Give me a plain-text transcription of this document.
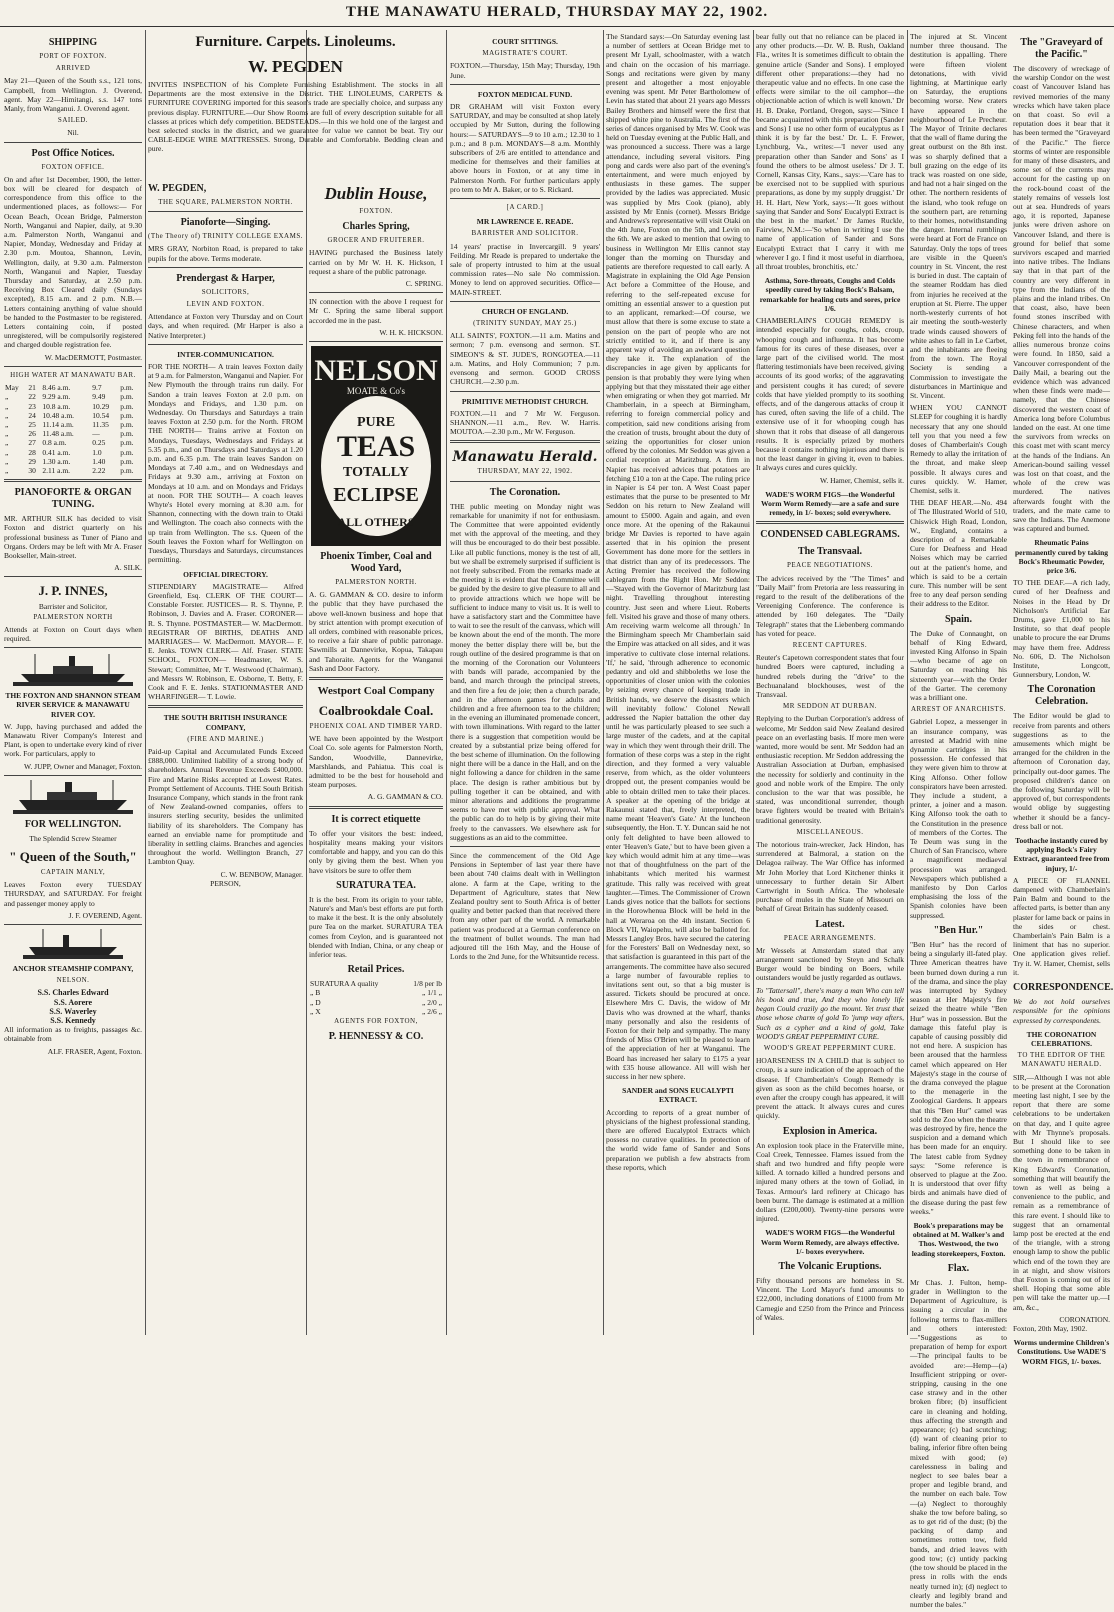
THE MANAWATU HERALD, THURSDAY MAY 22, 1902.
SHIPPING
PORT OF FOXTON.
ARRIVED

May 21—Queen of the South s.s., 121 tons, Campbell, from Wellington. J. Overend, agent. May 22—Himitangi, s.s. 147 tons Manly, from Wanganui. J. Overend agent.

SAILED.
Nil.
Post Office Notices.
FOXTON OFFICE.

On and after 1st December, 1900, the letter-box will be cleared for despatch of correspondence from this office to the undermentioned places, as follows:— For Ocean Beach, Ocean Bridge, Palmerston North, Wanganui and Napier, daily, at 9.30 a.m. Palmerston North, Wanganui and Napier, Monday, Wednesday and Friday at 2.30 p.m. Moutoa, Shannon, Levin, Wellington, daily, at 9.30 a.m. Palmerston North, Wanganui and Napier, Tuesday Thursday and Saturday, at 2.50 p.m. Receiving Box Cleared daily (Sundays excepted), 8.15 a.m. and 2 p.m. N.B.—Letters containing anything of value should be handed to the Postmaster to be registered. Letters containing coin, if posted unregistered, will be compulsorily registered and charged double registration fee.

W. MacDERMOTT, Postmaster.
HIGH WATER AT MANAWATU BAR.
May	21	8.46 a.m.	9.7	p.m.
„	22	9.29 a.m.	9.49	p.m.
„	23	10.8 a.m.	10.29	p.m.
„	24	10.48 a.m.	10.54	p.m.
„	25	11.14 a.m.	11.35	p.m.
„	26	11.48 a.m.	—	p.m.
„	27	0.8 a.m.	0.25	p.m.
„	28	0.41 a.m.	1.0	p.m.
„	29	1.30 a.m.	1.40	p.m.
„	30	2.11 a.m.	2.22	p.m.
PIANOFORTE & ORGAN TUNING.

MR. ARTHUR SILK has decided to visit Foxton and district quarterly on his professional business as Tuner of Piano and Organs. Orders may be left with Mr A. Fraser Bookseller, Main-street.

A. SILK.
J. P. INNES,
Barrister and Solicitor,
PALMERSTON NORTH

Attends at Foxton on Court days when required.

THE FOXTON AND SHANNON STEAM RIVER SERVICE & MANAWATU RIVER COY.

W. Jupp, having purchased and added the Manawatu River Company's Interest and Plant, is open to undertake every kind of river work. For particulars, apply to

W. JUPP, Owner and Manager, Foxton.
FOR WELLINGTON.
The Splendid Screw Steamer
" Queen of the South,"
CAPTAIN MANLY,

Leaves Foxton every TUESDAY THURSDAY, and SATURDAY. For freight and passenger money apply to

J. F. OVEREND, Agent.
ANCHOR STEAMSHIP COMPANY,
NELSON.
S.S. Charles Edward
S.S. Aorere
S.S. Waverley
S.S. Kennedy

All information as to freights, passages &c. obtainable from

ALF. FRASER, Agent, Foxton.
Furniture. Carpets. Linoleums.
W. PEGDEN

INVITES INSPECTION of his Complete Furnishing Establishment. The stocks in all Departments are the most extensive in the District. THE LINOLEUMS, CARPETS & FURNITURE COVERING imported for this season's trade are specially choice, and surpass any previous display. FURNITURE.—Our Show Rooms are full of every description suitable for all classes at prices which defy competition. BEDSTEADS.—In this we hold one of the largest and best selected stocks in the district, and we guarantee for value we cannot be beat. Try our CABLE-EDGE WIRE MATTRESSES. Strong, Durable and Comfortable. Bedding clean and pure.

W. PEGDEN,
THE SQUARE, PALMERSTON NORTH.
Pianoforte—Singing.
(The Theory of) TRINITY COLLEGE EXAMS.

MRS GRAY, Norbiton Road, is prepared to take pupils for the above. Terms moderate.

Prendergast & Harper,
SOLICITORS,
LEVIN AND FOXTON.

Attendance at Foxton very Thursday and on Court days, and when required. (Mr Harper is also a Native Interpreter.)

INTER-COMMUNICATION.

FOR THE NORTH— A train leaves Foxton daily at 9 a.m. for Palmerston, Wanganui and Napier. For New Plymouth the through trains run daily. For Sandon a train leaves Foxton at 2.0 p.m. on Mondays and Fridays, and 1.30 p.m. on Wednesday. On Thursdays and Saturdays a train leaves Foxton at 2.50 p.m. for the North. FROM THE NORTH— Trains arrive at Foxton on Mondays, Tuesdays, Wednesdays and Fridays at 5.35 p.m., and on Thursdays and Saturdays at 1.20 p.m. and 6.35 p.m. The train leaves Sandon on Mondays at 7.40 a.m., and on Wednesdays and Fridays at 9.30 a.m., arriving at Foxton on Mondays at 10 a.m. and on Mondays and Fridays at noon. FOR THE SOUTH— A coach leaves Whyte's Hotel every morning at 8.30 a.m. for Shannon, connecting with the down train to Otaki and Wellington. The coach also connects with the up train from Wellington. The s.s. Queen of the South leaves the Foxton wharf for Wellington on Tuesdays, Thursdays and Saturdays, circumstances permitting.

OFFICIAL DIRECTORY.

STIPENDIARY MAGISTRATE— Alfred Greenfield, Esq. CLERK OF THE COURT— Constable Forster. JUSTICES— R. S. Thynne, P. Robinson, J. Davies and A. Fraser. CORONER— R. S. Thynne. POSTMASTER— W. MacDermott. REGISTRAR OF BIRTHS, DEATHS AND MARRIAGES— W. MacDermott. MAYOR— F. E. Jenks. TOWN CLERK— Alf. Fraser. STATE SCHOOL, FOXTON— Headmaster, W. S. Stewart; Committee, Mr T. Westwood (Chairman), and Messrs W. Robinson, E. Osborne, T. Betty, F. Cook and F. E. Jenks. STATIONMASTER AND WHARFINGER— T. Lowie.

THE SOUTH BRITISH INSURANCE COMPANY,
(FIRE AND MARINE.)

Paid-up Capital and Accumulated Funds Exceed £888,000. Unlimited liability of a strong body of shareholders. Annual Revenue Exceeds £400,000. Fire and Marine Risks accepted at Lowest Rates. Prompt Settlement of Accounts. THE South British Insurance Company, which stands in the front rank of New Zealand-owned companies, offers to insurers sterling security, besides the unlimited liability of its shareholders. The Company has earned an enviable name for promptitude and liberality in settling claims. Branches and agencies throughout the world. Wellington Branch, 27 Lambton Quay.

C. W. BENBOW, Manager.
PERSON,
Dublin House,
FOXTON.
Charles Spring,
GROCER AND FRUITERER.

HAVING purchased the Business lately carried on by Mr W. H. K. Hickson, I request a share of the public patronage.

C. SPRING.

IN connection with the above I request for Mr C. Spring the same liberal support accorded me in the past.

W. H. K. HICKSON.
NELSON
MOATE & Co's
PURE
TEAS
TOTALLY
ECLIPSE
ALL OTHERS
Phoenix Timber, Coal and Wood Yard,
PALMERSTON NORTH.

A. G. GAMMAN & CO. desire to inform the public that they have purchased the above well-known business and hope that by strict attention with prompt execution of all orders, combined with reasonable prices, to receive a fair share of public patronage. Sawmills at Dannevirke, Kopua, Takapau and Tahoraite. Agents for the Wanganui Sash and Door Factory.

Westport Coal Company
Coalbrookdale Coal.
PHOENIX COAL AND TIMBER YARD.

WE have been appointed by the Westport Coal Co. sole agents for Palmerston North, Sandon, Woodville, Dannevirke, Marshlands, and Pahiatua. This coal is admitted to be the best for household and steam purposes.

A. G. GAMMAN & CO.
It is correct etiquette

To offer your visitors the best: indeed, hospitality means making your visitors comfortable and happy, and you can do this only by giving them the best. When you have visitors be sure to offer them

SURATURA TEA.

It is the best. From its origin to your table, Nature's and Man's best efforts are put forth to make it the best. It is the only absolutely pure Tea on the market. SURATURA TEA comes from Ceylon, and is guaranteed not blended with Indian, China, or any cheap or inferior teas.

Retail Prices.
SURATURA A quality	1/8 per lb
„ B	„ 1/1 „
„ D	„ 2/0 „
„ X	„ 2/6 „
AGENTS FOR FOXTON,
P. HENNESSY & CO.
COURT SITTINGS.
MAGISTRATE'S COURT.

FOXTON.—Thursday, 15th May; Thursday, 19th June.

FOXTON MEDICAL FUND.

DR GRAHAM will visit Foxton every SATURDAY, and may be consulted at shop lately occupied by Mr Sutton, during the following hours:— SATURDAYS—9 to 10 a.m.; 12.30 to 1 p.m.; and 8 p.m. MONDAYS—8 a.m. Monthly subscribers of 2/6 are entitled to attendance and medicine for themselves and their families at above hours in Foxton, or at any time in Palmerston North. For further particulars apply pro tem to Mr A. Baker, or to S. Rickard.

[A CARD.]
MR LAWRENCE E. READE.
BARRISTER AND SOLICITOR.

14 years' practise in Invercargill. 9 years' Feilding. Mr Reade is prepared to undertake the sale of property intrusted to him at the usual commission rates—No sale No commission. Money to lend on approved securities. Office—MAIN-STREET.

CHURCH OF ENGLAND.
(TRINITY SUNDAY, MAY 25.)

ALL SAINTS', FOXTON.—11 a.m. Matins and sermon; 7 p.m. evensong and sermon. ST. SIMEON'S & ST. JUDE'S, RONGOTEA.—11 a.m. Matins, and Holy Communion; 7 p.m. evensong and sermon. GOOD CROSS CHURCH.—2.30 p.m.

PRIMITIVE METHODIST CHURCH.

FOXTON.—11 and 7 Mr W. Ferguson. SHANNON.—11 a.m., Rev. W. Harris. MOUTOA.—2.30 p.m., Mr W. Ferguson.

Manawatu Herald.
THURSDAY, MAY 22, 1902.
The Coronation.

THE public meeting on Monday night was remarkable for unanimity if not for enthusiasm. The Committee that were appointed evidently met with the approval of the meeting, and they will thus be encouraged to do their best possible. Like all public functions, money is the test of all, but we shall be extremely surprised if sufficient is not freely subscribed. From the remarks made at the meeting it is evident that the Committee will be guided by the desire to give pleasure to all and to provide attractions which we hope will be sufficient to induce many to visit us. It is well to have a satisfactory start and the Committee have to wait to see the result of the canvass, which will be known about the end of the month. The more money the better display there will be, but the rough outline of the desired programme is that on the morning of the Coronation our Volunteers with bands will parade, accompanied by the band, and march through the principal streets, and then fire a feu de joie; then a church parade, and in the afternoon games for adults and children and a free afternoon tea to the children; in the evening an illuminated promenade concert, with town illuminations. With regard to the latter there is a suggestion that competition would be created by a substantial prize being offered for the best scheme of illumination. On the following night there will be a dance in the Hall, and on the night following a dance for children in the same place. The design is rather ambitious but by pulling together it can be obtained, and with minor alterations and additions the programme seems to have met with public approval. What the public can do to help is by giving their mite freely to the canvassers. We elsewhere ask for suggestions as an aid to the committee.

Since the commencement of the Old Age Pensions in September of last year there have been about 740 claims dealt with in Wellington alone. A farm at the Cape, writing to the Department of Agriculture, states that New Zealand poultry sent to South Africa is of better quality and better packed than that received there from any other part of the world. A remarkable patient was produced at a German conference on the treatment of bullet wounds. The man had adjoured till the 16th May, and the House of Lords to the 2nd June, for the Whitsuntide recess.

The Standard says:—On Saturday evening last a number of settlers at Ocean Bridge met to present Mr Lyall, schoolmaster, with a watch and chain on the occasion of his marriage. Songs and recitations were given by many present and altogether a most enjoyable evening was spent. Mr Peter Bartholomew of Levin has stated that about 21 years ago Messrs Bailey Brothers and himself were the first that shipped white pine to Australia. The first of the series of dances organised by Mrs W. Cook was held on Tuesday evening at the Public Hall, and was pronounced a success. There was a large attendance, including several visitors. Ping pong and cards were also part of the evening's entertainment, and were much enjoyed by enthusiasts in these games. The supper provided by the ladies was appreciated. Music was supplied by Mrs Cook (piano), ably assisted by Mr Ennis (cornet). Messrs Bridge and Andrews's representative will visit Otaki on the 4th June, Foxton on the 5th, and Levin on the 6th. We are asked to mention that owing to business in Wellington Mr Ellis cannot stay longer than the morning on Thursday and patients are therefore requested to call early. A Magistrate in explaining the Old Age Pension Act before a Committee of the House, and referring to the self-repeated excuse for omitting an essential answer to a question put to an applicant, remarked:—Of course, we must allow that there is some excuse to state a pension on the part of people who are not strictly entitled to it, and if there is any apparent way of avoiding an awkward question they take it. The explanation of the discrepancies in age given by applicants for pension is that probably they were lying when applying but that they misstated their age either when emigrating or when they got married. Mr Chamberlain, in a speech at Birmingham, referring to foreign commercial policy and competition, said new conditions arising from the creation of trusts, brought about the duty of seizing the opportunities for closer union offered by the colonies. Mr Seddon was given a cordial reception at Maritzburg. A firm in Napier has received advices that potatoes are fetching £10 a ton at the Cape. The ruling price in Napier is £4 per ton. A West Coast paper estimates that the purse to be presented to Mr Seddon on his return to New Zealand will amount to £5000. Again and again, and even once more. At the opening of the Rakaunui bridge Mr Davies is reported to have again asserted that in his opinion the present Government has done more for the settlers in that district than any of its predecessors. The Acting Premier has received the following cablegram from the Right Hon. Mr Seddon:—'Stayed with the Governor of Maritzburg last night. Travelling throughout interesting country. Just seen and where Lieut. Roberts fell. Visited his grave and those of many others. Am receiving warm welcome all through.' In the Birmingham speech Mr Chamberlain said the Empire was attacked on all sides, and it was imperative to cultivate close internal relations. 'If,' he said, 'through adherence to economic pedantry and old and shibboleths we lose the opportunities of closer union with the colonies by seizing every chance of keeping trade in British hands, we deserve the disasters which will inevitably follow.' Colonel Newall addressed the Napier battalion the other day until he was particularly pleased to see such a large muster of the cadets, and at the capital way in which they went through their drill. The formation of these corps was a step in the right direction, and they formed a very valuable reserve, from which, as the older volunteers dropped out, the present companies would be able to obtain drilled men to take their places. A speaker at the opening of the bridge at Rakaunui stated that, freely interpreted, the name meant 'Heaven's Gate.' At the luncheon subsequently, the Hon. T. Y. Duncan said he not only felt delighted to have been allowed to enter 'Heaven's Gate,' but to have been given a key which would admit him at any time—was not that of thoughtfulness on the part of the inhabitants which merited his warmest gratitude. This rally was received with great laughter.—Times. The Commissioner of Crown Lands gives notice that the ballots for sections in the Horowhenua Block will be held in the hall at Weraroa on the 4th instant. Section 6 Block VII, Waiopehu, will also be balloted for. Messrs Langley Bros. have secured the catering for the Foresters' Ball on Wednesday next, so that satisfaction is guaranteed in this part of the arrangements. The committee have also secured a large number of favourable replies to invitations sent out, so that a big muster is assured. Tickets should be procured at once. Elsewhere Mrs C. Davis, the widow of Mr Davis who was drowned at the wharf, thanks many personally and also the residents of Foxton for their help and sympathy. The many friends of Miss O'Brien will be pleased to learn of the appreciation of her at Wanganui. The Board has increased her salary to £175 a year with £35 house allowance. All will wish her success in her new sphere.

SANDER and SONS EUCALYPTI EXTRACT.

According to reports of a great number of physicians of the highest professional standing, there are offered Eucalyptol Extracts which possess no curative qualities. In protection of the world wide fame of Sander and Sons preparation we publish a few abstracts from these reports, which

bear fully out that no reliance can be placed in any other products.—Dr. W. B. Rush, Oakland Fla., writes It is sometimes difficult to obtain the genuine article (Sander and Sons). I employed different other preparations:—they had no therapeutic value and no effects. In one case the effects were similar to the oil camphor—the objectionable action of which is well known.' Dr H. B. Drake, Portland, Oregon, says:—'Since I became acquainted with this preparation (Sander and Sons) I use no other form of eucalyptus as I think it is by far the best.' Dr. L. F. Frewer, Lynchburg, Va., writes:—'I never used any preparation other than Sander and Sons' as I found the others to be almost useless.' Dr J. T. Cornell, Kansas City, Kans., says:—'Care has to be exercised not to be supplied with spurious preparations, as done by my supply druggist.' Dr H. H. Hart, New York, says:—'It goes without saying that Sander and Sons' Eucalypti Extract is the best in the market.' Dr James Ruckle, Fairview, N.M.:—'So when in writing I use the name of application of Sander and Sons Eucalypti Extract that I carry it with me wherever I go. I find it most useful in diarrhoea, all throat troubles, bronchitis, etc.'

Asthma, Sore-throats, Coughs and Colds speedily cured by taking Bock's Balsam, remarkable for healing cuts and sores, price 1/6.

CHAMBERLAIN'S COUGH REMEDY is intended especially for coughs, colds, croup, whooping cough and influenza. It has become famous for its cures of these diseases, over a large part of the civilised world. The most flattering testimonials have been received, giving accounts of its good works; of the aggravating and persistent coughs it has cured; of severe colds that have yielded promptly to its soothing effects, and of the dangerous attacks of croup it has cured, often saving the life of a child. The extensive use of it for whooping cough has shown that it robs that disease of all dangerous results. It is especially prized by mothers because it contains nothing injurious and there is not the least danger in giving it, even to babies. It always cures and cures quickly.

W. Hamer, Chemist, sells it.
WADE'S WORM FIGS—the Wonderful Worm Worm Remedy—are a safe and sure remedy, in 1/- boxes; sold everywhere.
CONDENSED CABLEGRAMS.
The Transvaal.
PEACE NEGOTIATIONS.

The advices received by the "The Times" and "Daily Mail" from Pretoria are less reassuring in regard to the result of the deliberations of the Vereeniging Conference. The conference is attended by 160 delegates. The "Daily Telegraph" states that the Liebenberg commando has voted for peace.

RECENT CAPTURES.

Reuter's Capetown correspondent states that four hundred Boers were captured, including a hundred rebels during the "drive" to the Bechuanaland blockhouses, west of the Transvaal.

MR SEDDON AT DURBAN.

Replying to the Durban Corporation's address of welcome, Mr Seddon said New Zealand desired peace on an everlasting basis. If more men were wanted, more would be sent. Mr Seddon had an enthusiastic reception. Mr Seddon addressing the Australian Association at Durban, emphasised the necessity for soldierly and continuity in the good and noble work of the Empire. The only conclusion to the war that was possible, he stated, was unconditional surrender, though brave fighters would be treated with Britain's traditional generosity.

MISCELLANEOUS.

The notorious train-wrecker, Jack Hindon, has surrendered at Balmoral, a station on the Delagoa railway. The War Office has informed Mr John Morley that Lord Kitchener thinks it unnecessary to further detain Sir Albert Cartwright in South Africa. The wholesale purchase of mules in the State of Missouri on behalf of Great Britain has suddenly ceased.

Latest.
PEACE ARRANGEMENTS.

Mr Wessels at Amsterdam stated that any arrangement sanctioned by Steyn and Schalk Burger would be binding on Boers, while outstanders would be justly regarded as outlaws.

To "Tattersall", there's many a man Who can tell his book and true, And they who lonely life began Could crazily go the mount. Yet trust that those whose charm of gold To 'jump way afters, Such as a cypher and a kind of gold, Take WOOD'S GREAT PEPPERMINT CURE.

WOOD'S GREAT PEPPERMINT CURE.

HOARSENESS IN A CHILD that is subject to croup, is a sure indication of the approach of the disease. If Chamberlain's Cough Remedy is given as soon as the child becomes hoarse, or even after the croupy cough has appeared, it will prevent the attack. It always cures and cures quickly.

Explosion in America.

An explosion took place in the Fraterville mine, Coal Creek, Tennessee. Flames issued from the shaft and two hundred and fifty people were killed. A tornado killed a hundred persons and injured many others at the town of Goliad, in Texas. Armour's lard refinery at Chicago has been burnt. The damage is estimated at a million dollars (£200,000). Twenty-nine persons were injured.

WADE'S WORM FIGS—the Wonderful Worm Worm Remedy, are always effective. 1/- boxes everywhere.
The Volcanic Eruptions.

Fifty thousand persons are homeless in St. Vincent. The Lord Mayor's fund amounts to £22,000, including donations of £1000 from Mr Carnegie and £250 from the Prince and Princess of Wales.

The injured at St. Vincent number three thousand. The destitution is appalling. There were fifteen violent detonations, with vivid lightning, at Martinique early on Saturday, the eruptions becoming worse. New craters have appeared in the neighbourhood of Le Precheur. The Mayor of Trinite declares that the wall of flame during the great outburst on the 8th inst. was so sharply defined that a bull grazing on the edge of its track was roasted on one side, and had not a hair singed on the other. The northern residents of the island, who took refuge on the southern part, are returning to their homes, notwithstanding the danger. Internal rumblings were heard at Fort de France on Saturday. Only the tops of trees are visible in the Queen's country in St. Vincent, the rest is buried in dust. The captain of the steamer Roddam has died from injuries he received at the eruption at St. Pierre. The upper north-westerly currents of hot air meeting the south-westerly trade winds caused showers of white ashes to fall in Le Carbet, and the inhabitants are fleeing from the town. The Royal Society is sending a Commission to investigate the disturbances in Martinique and St. Vincent.

WHEN YOU CANNOT SLEEP for coughing it is hardly necessary that any one should tell you that you need a few doses of Chamberlain's Cough Remedy to allay the irritation of the throat, and make sleep possible. It always cures and cures quickly. W. Hamer, Chemist, sells it.

THE DEAF HEAR.—No. 494 of The Illustrated World of 510, Chiswick High Road, London, W., England, contains a description of a Remarkable Cure for Deafness and Head Noises which may be carried out at the patient's home, and which is said to be a certain cure. This number will be sent free to any deaf person sending their address to the Editor.

Spain.

The Duke of Connaught, on behalf of King Edward, invested King Alfonso in Spain—who became of age on Saturday on reaching his sixteenth year—with the Order of the Garter. The ceremony was a brilliant one.

ARREST OF ANARCHISTS.

Gabriel Lopez, a messenger in an insurance company, was arrested at Madrid with nine dynamite cartridges in his possession. He confessed that they were given him to throw at King Alfonso. Other follow conspirators have been arrested. They include a student, a printer, a joiner and a mason. King Alfonso took the oath to the Constitution in the presence of members of the Cortes. The Te Deum was sung in the Church of San Francisco, where a magnificent mediaeval procession was arranged. Newspapers which published a manifesto by Don Carlos emphasising the loss of the Spanish colonies have been suppressed.

"Ben Hur."

"Ben Hur" has the record of being a singularly ill-fated play. Three American theatres have been burned down during a run of the drama, and since the play was interrupted by Sydney season at Her Majesty's fire seized the theatre while "Ben Hur" was in possession. But the damage this fateful play is capable of causing possibly did not end here. A suspicion has been aroused that the harmless camel which appeared on Her Majesty's stage in the course of the drama conveyed the plague to the menagerie in the Zoological Gardens. It appears that this "Ben Hur" camel was sold to the Zoo when the theatre was destroyed by fire, hence the suspicion and a demand which has been made for an enquiry. The latest cable from Sydney says: "Some reference is observed to plague at the Zoo. It is understood that over fifty birds and animals have died of the disease during the past few weeks."

Book's preparations may be obtained at M. Walker's and Thos. Westwood, the two leading storekeepers, Foxton.
Flax.

Mr Chas. J. Fulton, hemp-grader in Wellington to the Department of Agriculture, is issuing a circular in the following terms to flax-millers and others interested:—"Suggestions as to preparation of hemp for export—The principal faults to be avoided are:—Hemp—(a) Insufficient stripping or over-stripping, causing in the one case strawy and in the other broken fibre; (b) insufficient care in cleaning and holding, thus affecting the strength and appearance; (c) bad scutching; (d) want of cleaning prior to baling, inferior fibre often being mixed with good; (e) carelessness in baling and neglect to see bales bear a proper and legible brand, and the number on each bale. Tow—(a) Neglect to thoroughly shake the tow before baling, so as to get rid of the dust; (b) the packing of damp and sometimes rotten tow, field bands, and dried leaves with good tow; (c) untidy packing (the tow should be placed in the press in rolls with the ends neatly turned in); (d) neglect to clearly and legibly brand and number the bales."

The "Graveyard of the Pacific."

The discovery of wreckage of the warship Condor on the west coast of Vancouver Island has revived memories of the many wrecks which have taken place on that coast. So evil a reputation does it bear that it has been termed the "Graveyard of the Pacific." The fierce storms of winter are responsible for many of these disasters, and some set of the currents may account for the casting up on the rock-bound coast of the stately remains of vessels lost out at sea. Hundreds of years ago, it is reported, Japanese junks were driven ashore on Vancouver Island, and there is ground for belief that some survivors escaped and married into native tribes. The Indians say that in that part of the country are very different in type from the Indians of the plains and the inland tribes. On that coast, also, have been found stones inscribed with Chinese characters, and when Peking fell into the hands of the allies numerous bronze coins were found. In 1850, said a Vancouver correspondent of the Daily Mail, a bearing out the evidence which was advanced when these finds were made—namely, that the Chinese discovered the western coast of America long before Columbus landed on the east. At one time the survivors from wrecks on this coast met with scant mercy at the hands of the Indians. An American-bound sailing vessel was lost on that coast, and the whole of the crew was murdered. The natives afterwards fought with the traders, and the mate came to save the Indians. The Anemone was captured and burned.

Rheumatic Pains permanently cured by taking Bock's Rheumatic Powder, price 3/6.

TO THE DEAF.—A rich lady, cured of her Deafness and Noises in the Head by Dr Nicholson's Artificial Ear Drums, gave £1,000 to his Institute, so that deaf people unable to procure the ear Drums may have them free. Address No. 606, D. The Nicholson Institute, Longcott, Gunnersbury, London, W.

The Coronation Celebration.

The Editor would be glad to receive from parents and others suggestions as to the amusements which might be arranged for the children in the afternoon of Coronation day, principally out-door games. The proposed children's dance on the following Saturday will be approved of, but correspondents would oblige by suggesting whether it should be a fancy-dress ball or not.

Toothache instantly cured by applying Bock's Fairy Extract, guaranteed free from injury, 1/-

A PIECE OF FLANNEL dampened with Chamberlain's Pain Balm and bound to the affected parts, is better than any plaster for lame back or pains in the sides or chest. Chamberlain's Pain Balm is a liniment that has no superior. One application gives relief. Try it. W. Hamer, Chemist, sells it.

CORRESPONDENCE.

We do not hold ourselves responsible for the opinions expressed by correspondents.

THE CORONATION CELEBRATIONS.
TO THE EDITOR OF THE MANAWATU HERALD.

SIR,—Although I was not able to be present at the Coronation meeting last night, I see by the report that there are some celebrations to be undertaken on that day, and I quite agree with Mr Thynne's proposals. But I should like to see something done to be taken in the town in remembrance of King Edward's Coronation, something that will beautify the town as well as being a convenience to the public, and remain as a remembrance of this rare event. I should like to suggest that an ornamental lamp post be erected at the end of the triangle, with a strong enough lamp to show the public which end of the town they are in at night, and show visitors that Foxton is coming out of its shell. Hoping that some able pen will take the matter up.—I am, &c.,

CORONATION.
Foxton, 20th May, 1902.
Worms undermine Children's Constitutions. Use WADE'S WORM FIGS, 1/- boxes.
